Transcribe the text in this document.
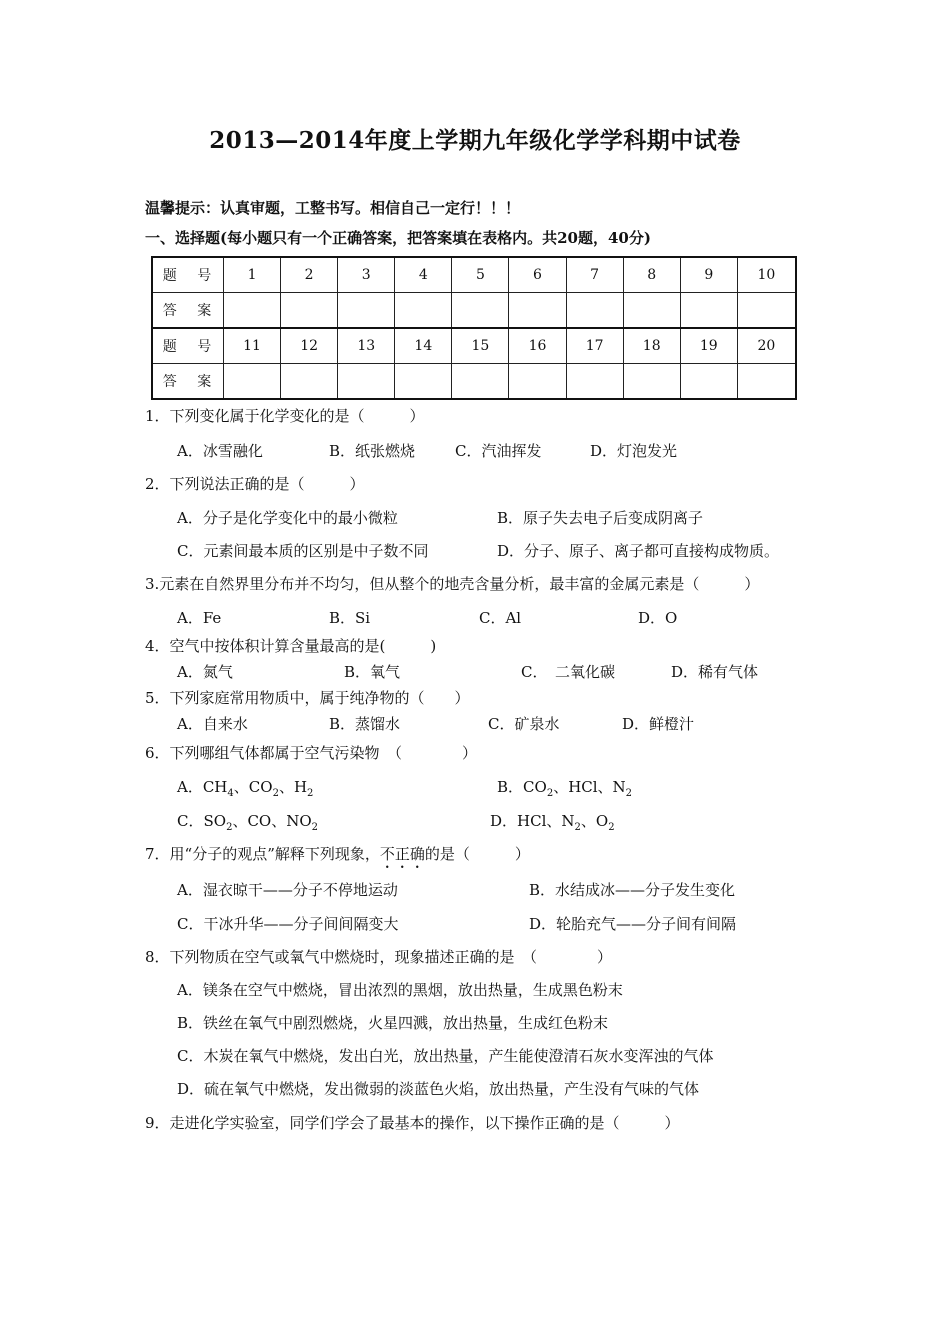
2013—2014年度上学期九年级化学学科期中试卷
温馨提示：认真审题，工整书写。相信自己一定行！！！
一、选择题(每小题只有一个正确答案，把答案填在表格内。共20题，40分)
题 号	1	2	3	4	5	6	7	8	9	10
答 案										
题 号	11	12	13	14	15	16	17	18	19	20
答 案										
1．下列变化属于化学变化的是（　　　）
A．冰雪融化	B．纸张燃烧	C．汽油挥发	D．灯泡发光
2．下列说法正确的是（　　　）
A．分子是化学变化中的最小微粒	B．原子失去电子后变成阴离子
C．元素间最本质的区别是中子数不同	D．分子、原子、离子都可直接构成物质。
3.元素在自然界里分布并不均匀，但从整个的地壳含量分析，最丰富的金属元素是（　　　）
A．Fe	B．Si	C．Al	D．O
4．空气中按体积计算含量最高的是(　　　)
A．氮气	B．氧气	C．　二氧化碳	D．稀有气体
5．下列家庭常用物质中，属于纯净物的（　　）
A．自来水	B．蒸馏水	C．矿泉水	D．鲜橙汁
6．下列哪组气体都属于空气污染物　（　　　　）
A．$CH_4$、$CO_2$、$H_2$	B．$CO_2$、HCl、$N_2$
C．$SO_2$、CO、$NO_2$	D．HCl、$N_2$、$O_2$
7．用“分子的观点”解释下列现象，不正确的是（　　　）
A．湿衣晾干——分子不停地运动	B．水结成冰——分子发生变化
C．干冰升华——分子间间隔变大	D．轮胎充气——分子间有间隔
8．下列物质在空气或氧气中燃烧时，现象描述正确的是　（　　　　）
A．镁条在空气中燃烧，冒出浓烈的黑烟，放出热量，生成黑色粉末
B．铁丝在氧气中剧烈燃烧，火星四溅，放出热量，生成红色粉末
C．木炭在氧气中燃烧，发出白光，放出热量，产生能使澄清石灰水变浑浊的气体
D．硫在氧气中燃烧，发出微弱的淡蓝色火焰，放出热量，产生没有气味的气体
9．走进化学实验室，同学们学会了最基本的操作，以下操作正确的是（　　　）
